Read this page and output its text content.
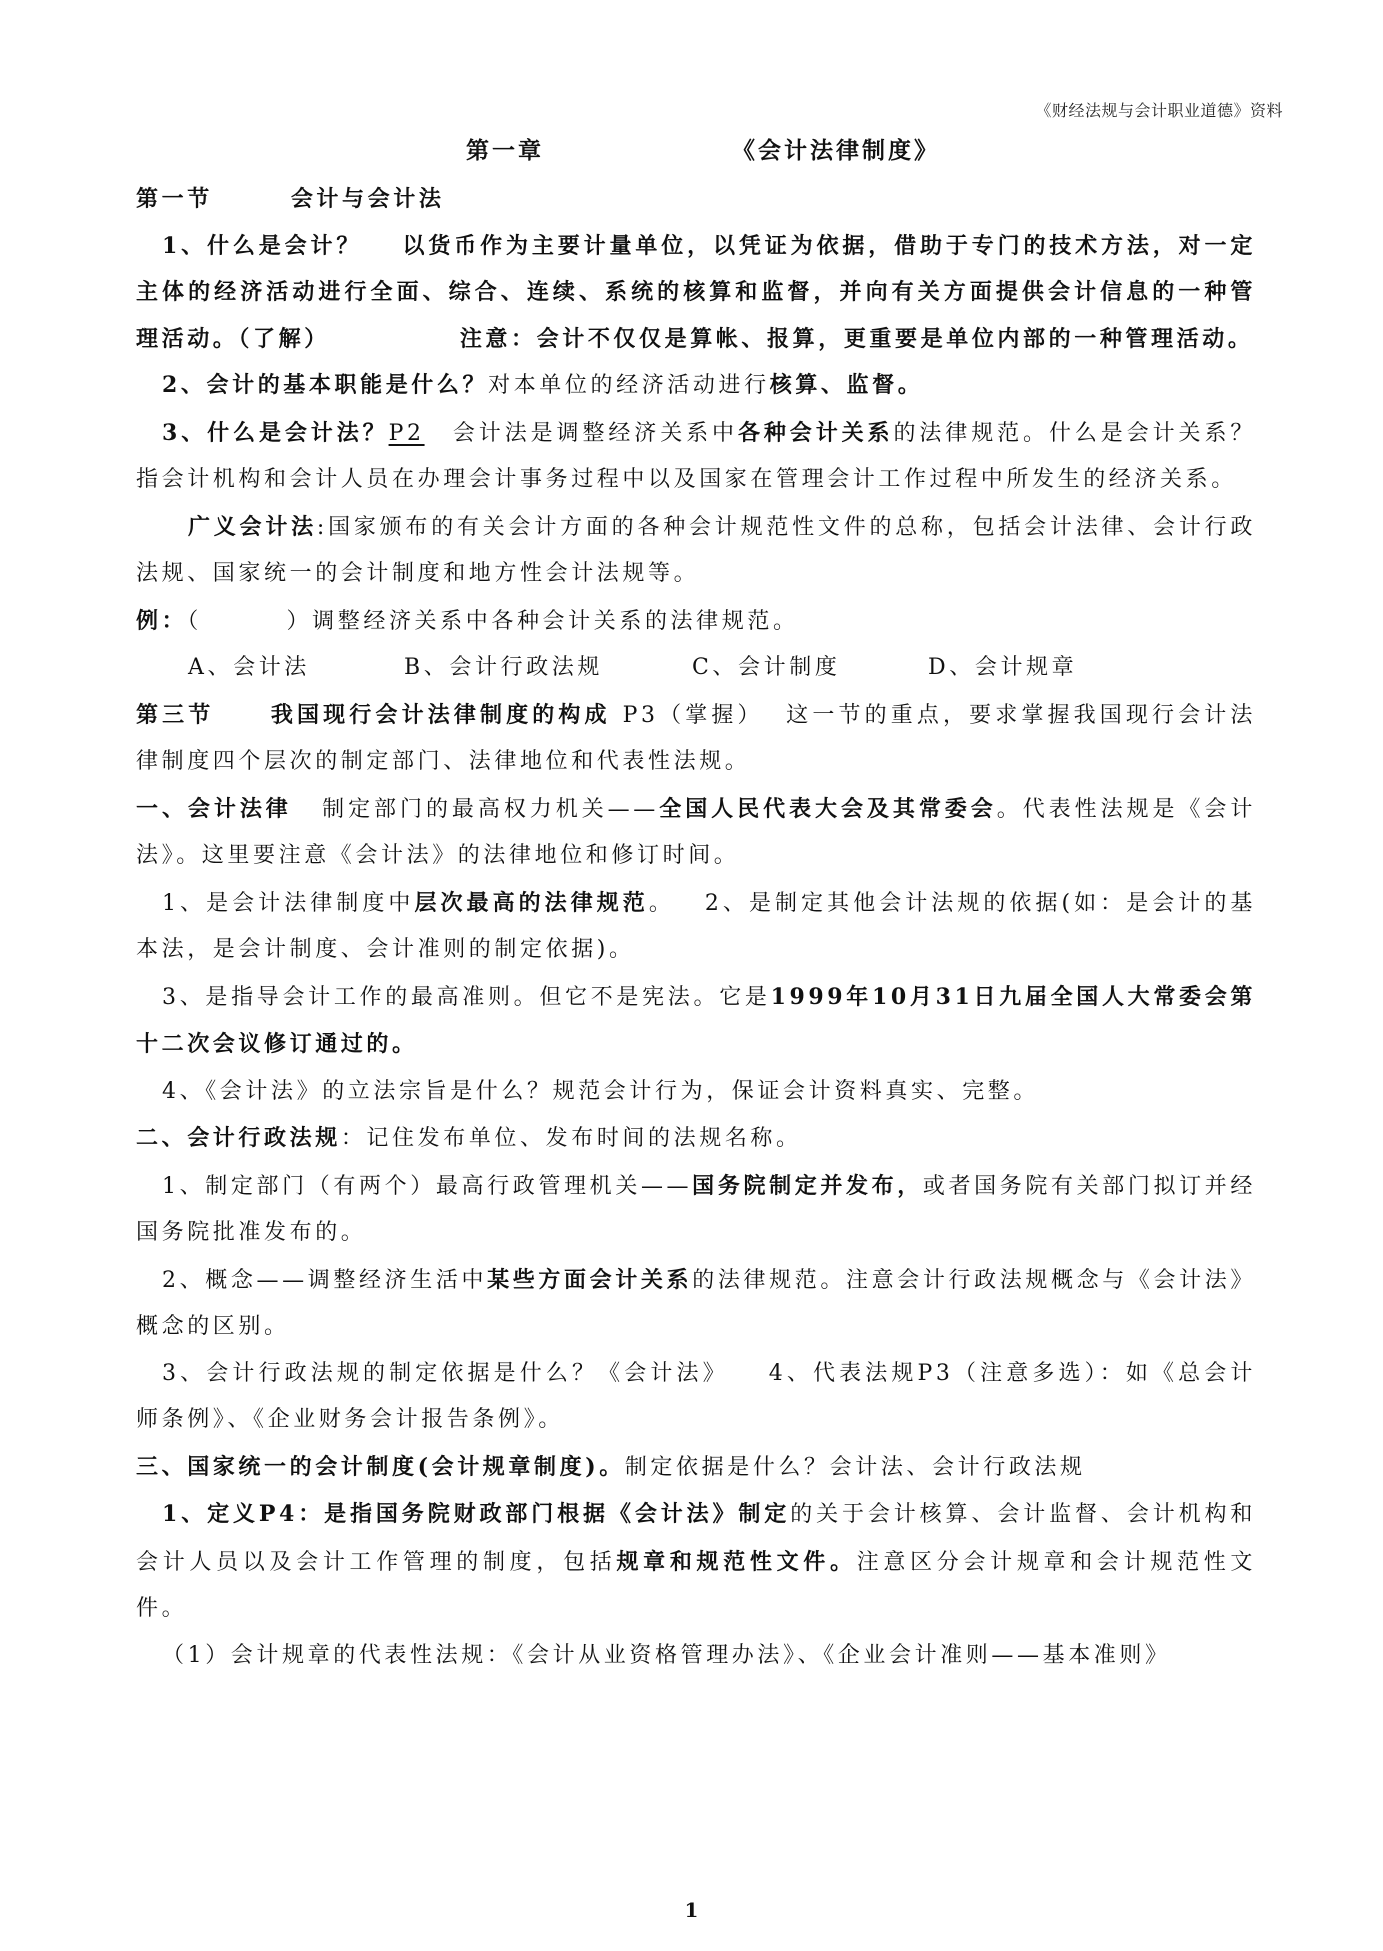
《财经法规与会计职业道德》资料
第一章	《会计法律制度》

第一节	会计与会计法

1、什么是会计？ 以货币作为主要计量单位，以凭证为依据，借助于专门的技术方法，对一定主体的经济活动进行全面、综合、连续、系统的核算和监督，并向有关方面提供会计信息的一种管理活动。（了解）	注意：会计不仅仅是算帐、报算，更重要是单位内部的一种管理活动。

2、会计的基本职能是什么？对本单位的经济活动进行核算、监督。

3、什么是会计法？P2 会计法是调整经济关系中各种会计关系的法律规范。什么是会计关系？指会计机构和会计人员在办理会计事务过程中以及国家在管理会计工作过程中所发生的经济关系。

广义会计法:国家颁布的有关会计方面的各种会计规范性文件的总称，包括会计法律、会计行政法规、国家统一的会计制度和地方性会计法规等。

例：（        ）调整经济关系中各种会计关系的法律规范。

A、会计法	B、会计行政法规	C、会计制度	D、会计规章

第三节	我国现行会计法律制度的构成 P3（掌握） 这一节的重点，要求掌握我国现行会计法律制度四个层次的制定部门、法律地位和代表性法规。

一、会计法律 制定部门的最高权力机关——全国人民代表大会及其常委会。代表性法规是《会计法》。这里要注意《会计法》的法律地位和修订时间。

1、是会计法律制度中层次最高的法律规范。 2、是制定其他会计法规的依据(如：是会计的基本法，是会计制度、会计准则的制定依据)。

3、是指导会计工作的最高准则。但它不是宪法。它是1999年10月31日九届全国人大常委会第十二次会议修订通过的。

4、《会计法》的立法宗旨是什么？规范会计行为，保证会计资料真实、完整。

二、会计行政法规：记住发布单位、发布时间的法规名称。

1、制定部门（有两个）最高行政管理机关——国务院制定并发布，或者国务院有关部门拟订并经国务院批准发布的。

2、概念——调整经济生活中某些方面会计关系的法律规范。注意会计行政法规概念与《会计法》概念的区别。

3、会计行政法规的制定依据是什么？《会计法》 4、代表法规P3（注意多选）：如《总会计师条例》、《企业财务会计报告条例》。

三、国家统一的会计制度(会计规章制度)。制定依据是什么？会计法、会计行政法规

1、定义P4：是指国务院财政部门根据《会计法》制定的关于会计核算、会计监督、会计机构和会计人员以及会计工作管理的制度，包括规章和规范性文件。注意区分会计规章和会计规范性文件。

（1）会计规章的代表性法规：《会计从业资格管理办法》、《企业会计准则——基本准则》

1
